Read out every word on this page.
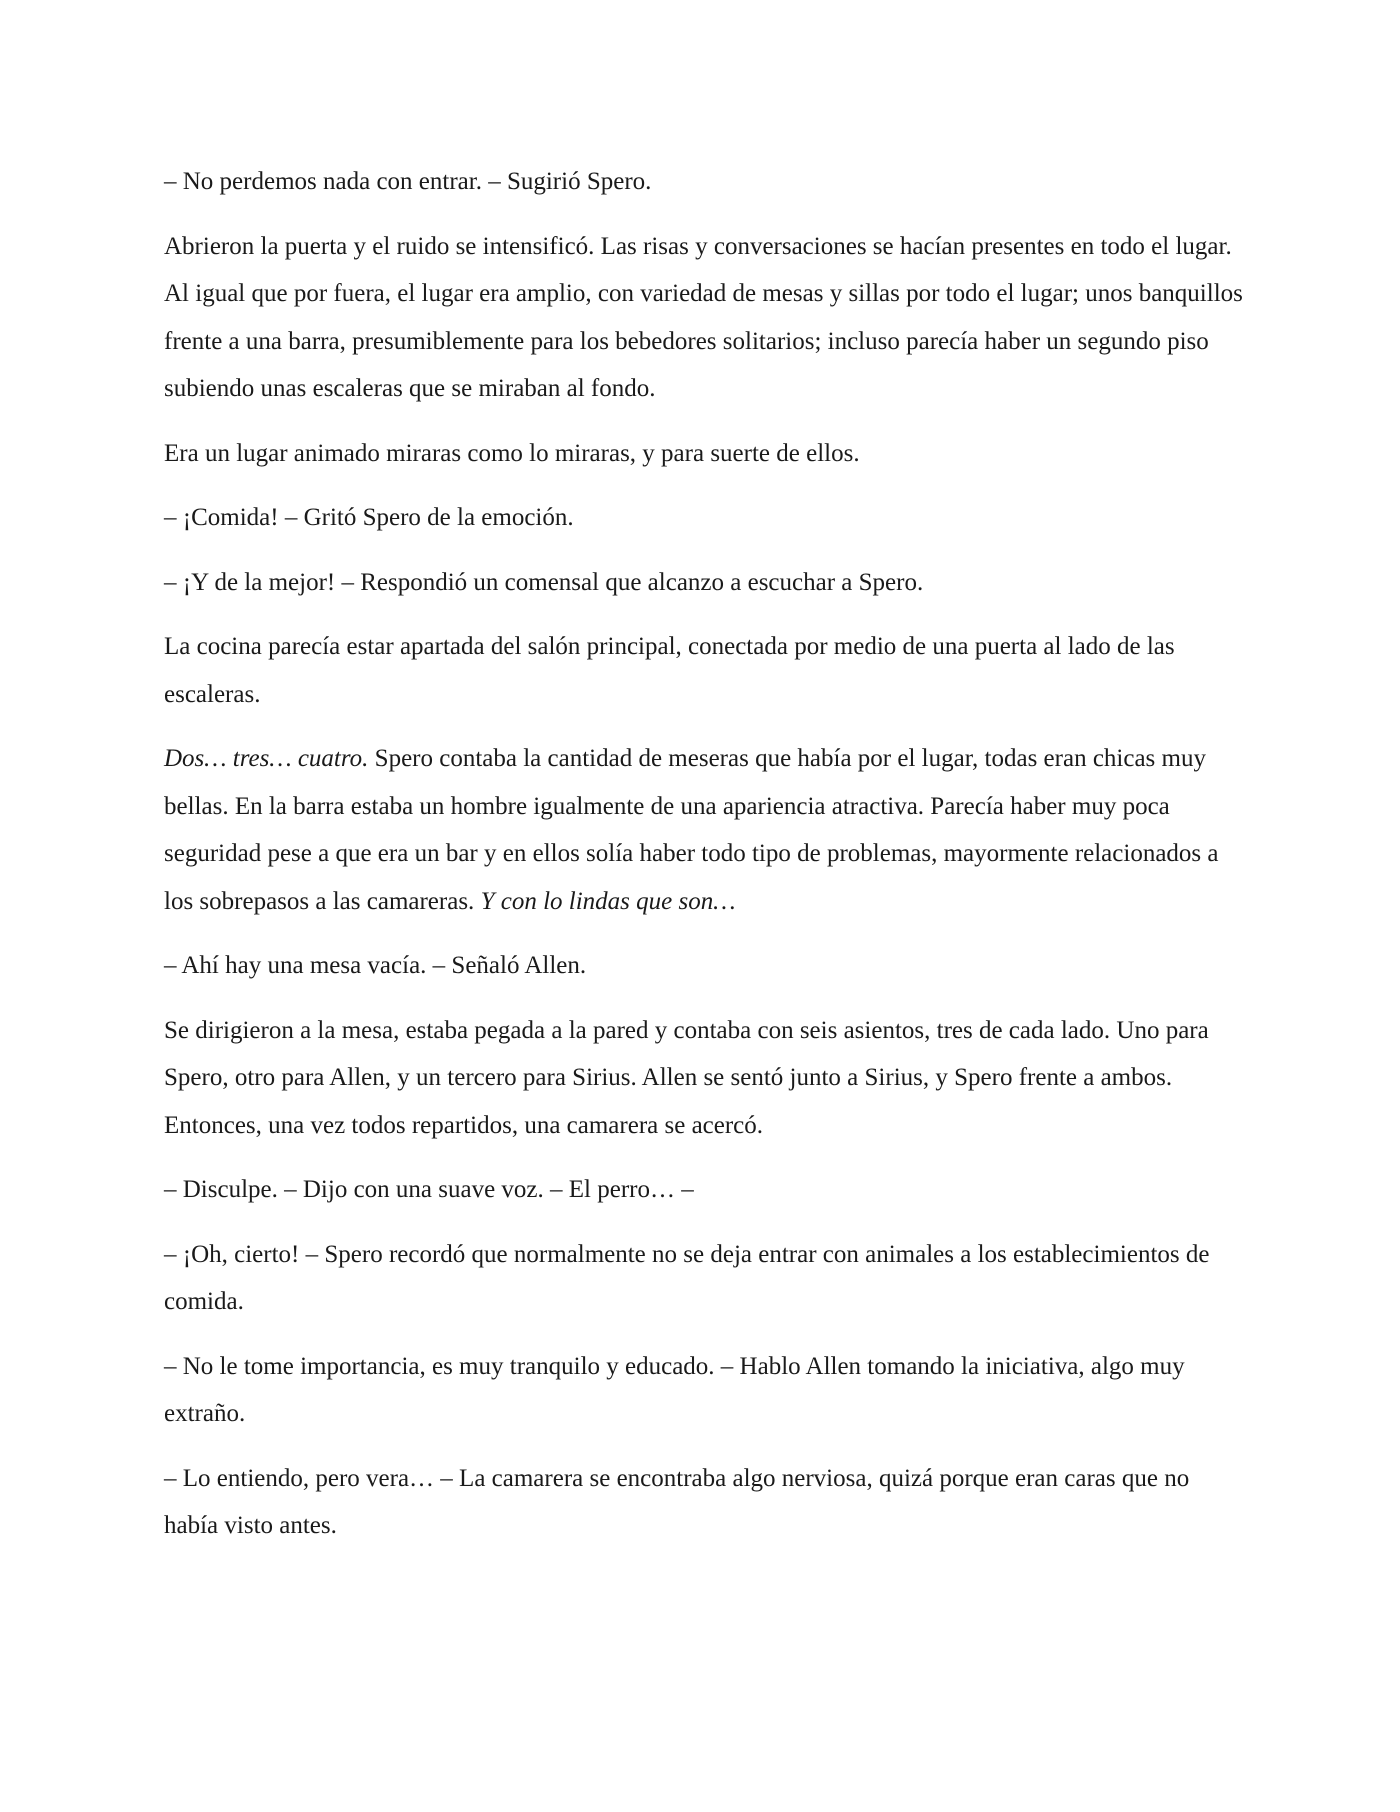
– No perdemos nada con entrar. – Sugirió Spero.

Abrieron la puerta y el ruido se intensificó. Las risas y conversaciones se hacían presentes en todo el lugar. Al igual que por fuera, el lugar era amplio, con variedad de mesas y sillas por todo el lugar; unos banquillos frente a una barra, presumiblemente para los bebedores solitarios; incluso parecía haber un segundo piso subiendo unas escaleras que se miraban al fondo.

Era un lugar animado miraras como lo miraras, y para suerte de ellos.

– ¡Comida! – Gritó Spero de la emoción.

– ¡Y de la mejor! – Respondió un comensal que alcanzo a escuchar a Spero.

La cocina parecía estar apartada del salón principal, conectada por medio de una puerta al lado de las escaleras.

Dos… tres… cuatro. Spero contaba la cantidad de meseras que había por el lugar, todas eran chicas muy bellas. En la barra estaba un hombre igualmente de una apariencia atractiva. Parecía haber muy poca seguridad pese a que era un bar y en ellos solía haber todo tipo de problemas, mayormente relacionados a los sobrepasos a las camareras. Y con lo lindas que son…

– Ahí hay una mesa vacía. – Señaló Allen.

Se dirigieron a la mesa, estaba pegada a la pared y contaba con seis asientos, tres de cada lado. Uno para Spero, otro para Allen, y un tercero para Sirius. Allen se sentó junto a Sirius, y Spero frente a ambos. Entonces, una vez todos repartidos, una camarera se acercó.

– Disculpe. – Dijo con una suave voz. – El perro… –

– ¡Oh, cierto! – Spero recordó que normalmente no se deja entrar con animales a los establecimientos de comida.

– No le tome importancia, es muy tranquilo y educado. – Hablo Allen tomando la iniciativa, algo muy extraño.

– Lo entiendo, pero vera… – La camarera se encontraba algo nerviosa, quizá porque eran caras que no había visto antes.
